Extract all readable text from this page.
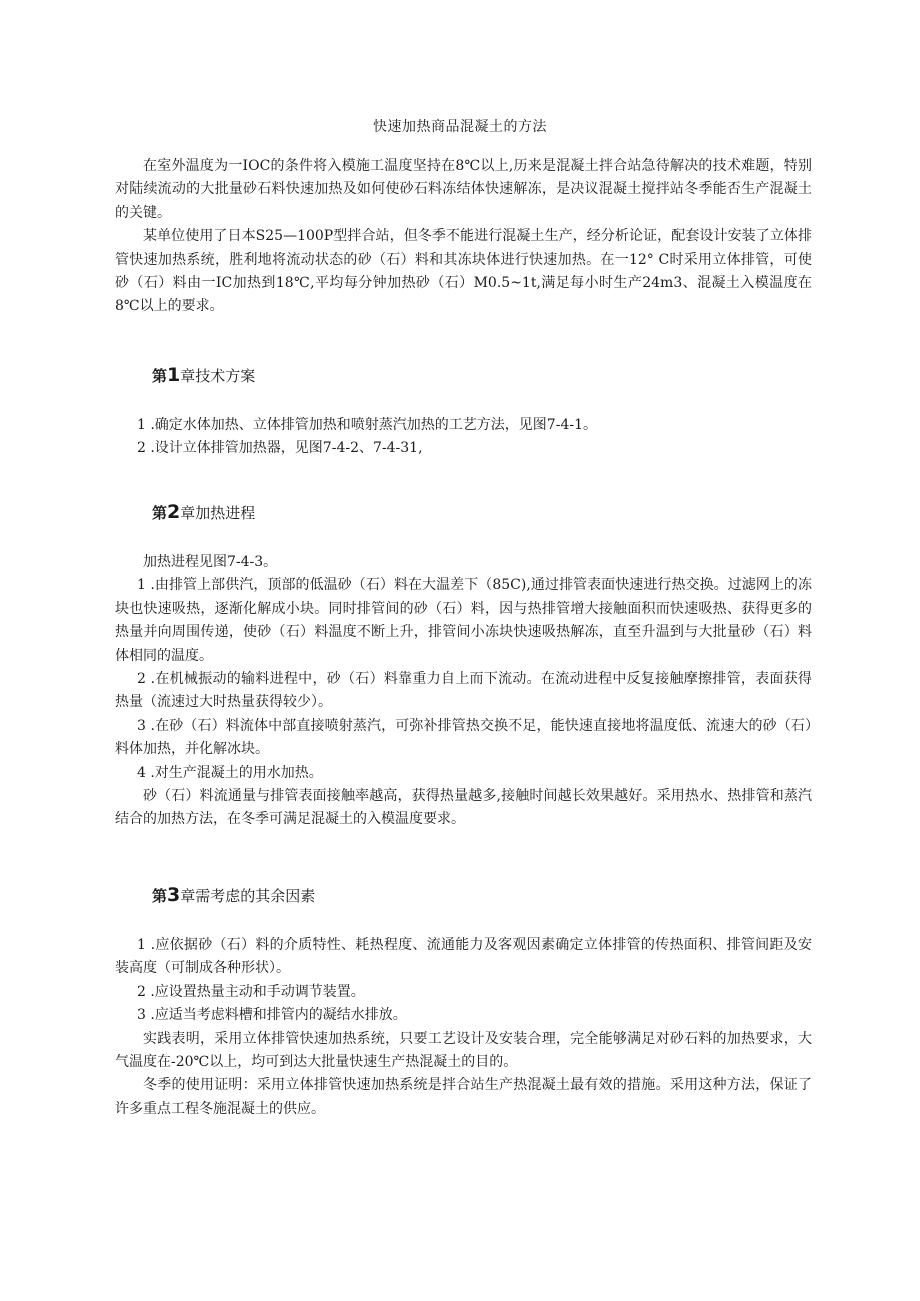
快速加热商品混凝土的方法

在室外温度为一IOC的条件将入模施工温度坚持在8℃以上,历来是混凝土拌合站急待解决的技术难题，特别对陆续流动的大批量砂石料快速加热及如何使砂石料冻结体快速解冻，是决议混凝土搅拌站冬季能否生产混凝土的关键。

某单位使用了日本S25—100P型拌合站，但冬季不能进行混凝土生产，经分析论证，配套设计安装了立体排管快速加热系统，胜利地将流动状态的砂（石）料和其冻块体进行快速加热。在一12° C时采用立体排管，可使砂（石）料由一IC加热到18℃,平均每分钟加热砂（石）M0.5~1t,满足每小时生产24m3、混凝土入模温度在8℃以上的要求。

第1章技术方案

1 .确定水体加热、立体排管加热和喷射蒸汽加热的工艺方法，见图7-4-1。

2 .设计立体排管加热器，见图7-4-2、7-4-31,

第2章加热进程

加热进程见图7-4-3。

1 .由排管上部供汽，顶部的低温砂（石）料在大温差下（85C),通过排管表面快速进行热交换。过滤网上的冻块也快速吸热，逐渐化解成小块。同时排管间的砂（石）料，因与热排管增大接触面积而快速吸热、获得更多的热量并向周围传递，使砂（石）料温度不断上升，排管间小冻块快速吸热解冻，直至升温到与大批量砂（石）料体相同的温度。

2 .在机械振动的输料进程中，砂（石）料靠重力自上而下流动。在流动进程中反复接触摩擦排管，表面获得热量（流速过大时热量获得较少）。

3 .在砂（石）料流体中部直接喷射蒸汽，可弥补排管热交换不足，能快速直接地将温度低、流速大的砂（石）料体加热，并化解冰块。

4 .对生产混凝土的用水加热。

砂（石）料流通量与排管表面接触率越高，获得热量越多,接触时间越长效果越好。采用热水、热排管和蒸汽结合的加热方法，在冬季可满足混凝土的入模温度要求。

第3章需考虑的其余因素

1 .应依据砂（石）料的介质特性、耗热程度、流通能力及客观因素确定立体排管的传热面积、排管间距及安装高度（可制成各种形状）。

2 .应设置热量主动和手动调节装置。

3 .应适当考虑料槽和排管内的凝结水排放。

实践表明，采用立体排管快速加热系统，只要工艺设计及安装合理，完全能够满足对砂石料的加热要求，大气温度在-20℃以上，均可到达大批量快速生产热混凝土的目的。

冬季的使用证明：采用立体排管快速加热系统是拌合站生产热混凝土最有效的措施。采用这种方法，保证了许多重点工程冬施混凝土的供应。
